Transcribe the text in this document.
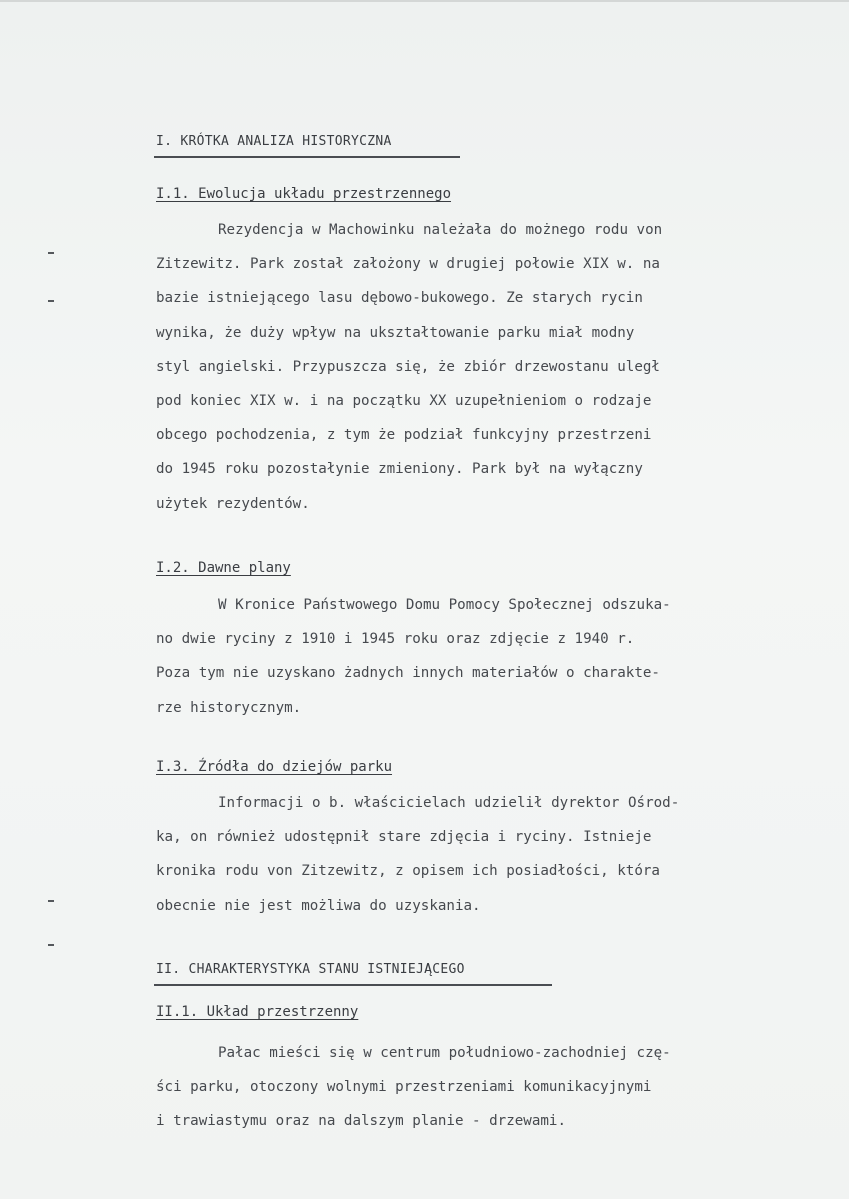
I. KRÓTKA ANALIZA HISTORYCZNA
I.1. Ewolucja układu przestrzennego
Rezydencja w Machowinku należała do możnego rodu von
Zitzewitz. Park został założony w drugiej połowie XIX w. na
bazie istniejącego lasu dębowo-bukowego. Ze starych rycin
wynika, że duży wpływ na ukształtowanie parku miał modny
styl angielski. Przypuszcza się, że zbiór drzewostanu uległ
pod koniec XIX w. i na początku XX uzupełnieniom o rodzaje
obcego pochodzenia, z tym że podział funkcyjny przestrzeni
do 1945 roku pozostałynie zmieniony. Park był na wyłączny
użytek rezydentów.
I.2. Dawne plany
W Kronice Państwowego Domu Pomocy Społecznej odszuka-
no dwie ryciny z 1910 i 1945 roku oraz zdjęcie z 1940 r.
Poza tym nie uzyskano żadnych innych materiałów o charakte-
rze historycznym.
I.3. Źródła do dziejów parku
Informacji o b. właścicielach udzielił dyrektor Ośrod-
ka, on również udostępnił stare zdjęcia i ryciny. Istnieje
kronika rodu von Zitzewitz, z opisem ich posiadłości, która
obecnie nie jest możliwa do uzyskania.
II. CHARAKTERYSTYKA STANU ISTNIEJĄCEGO
II.1. Układ przestrzenny
Pałac mieści się w centrum południowo-zachodniej czę-
ści parku, otoczony wolnymi przestrzeniami komunikacyjnymi
i trawiastymu oraz na dalszym planie - drzewami.
